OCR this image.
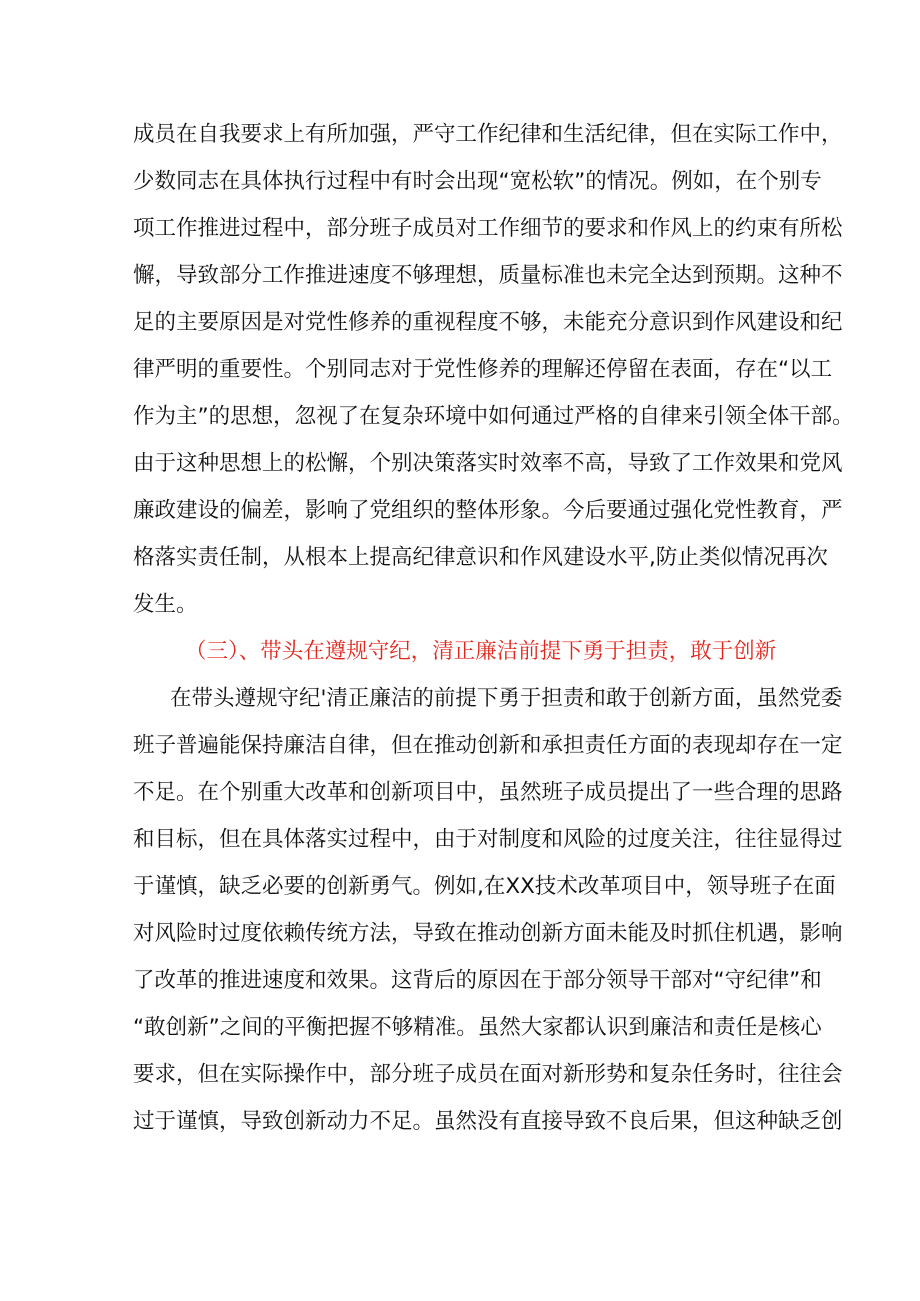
成员在自我要求上有所加强，严守工作纪律和生活纪律，但在实际工作中，
少数同志在具体执行过程中有时会出现“宽松软”的情况。例如，在个别专
项工作推进过程中，部分班子成员对工作细节的要求和作风上的约束有所松
懈，导致部分工作推进速度不够理想，质量标准也未完全达到预期。这种不
足的主要原因是对党性修养的重视程度不够，未能充分意识到作风建设和纪
律严明的重要性。个别同志对于党性修养的理解还停留在表面，存在“以工
作为主”的思想，忽视了在复杂环境中如何通过严格的自律来引领全体干部。
由于这种思想上的松懈，个别决策落实时效率不高，导致了工作效果和党风
廉政建设的偏差，影响了党组织的整体形象。今后要通过强化党性教育，严
格落实责任制，从根本上提高纪律意识和作风建设水平,防止类似情况再次
发生。
（三）、带头在遵规守纪，清正廉洁前提下勇于担责，敢于创新
在带头遵规守纪'清正廉洁的前提下勇于担责和敢于创新方面，虽然党委
班子普遍能保持廉洁自律，但在推动创新和承担责任方面的表现却存在一定
不足。在个别重大改革和创新项目中，虽然班子成员提出了一些合理的思路
和目标，但在具体落实过程中，由于对制度和风险的过度关注，往往显得过
于谨慎，缺乏必要的创新勇气。例如,在XX技术改革项目中，领导班子在面
对风险时过度依赖传统方法，导致在推动创新方面未能及时抓住机遇，影响
了改革的推进速度和效果。这背后的原因在于部分领导干部对“守纪律”和
“敢创新”之间的平衡把握不够精准。虽然大家都认识到廉洁和责任是核心
要求，但在实际操作中，部分班子成员在面对新形势和复杂任务时，往往会
过于谨慎，导致创新动力不足。虽然没有直接导致不良后果，但这种缺乏创
